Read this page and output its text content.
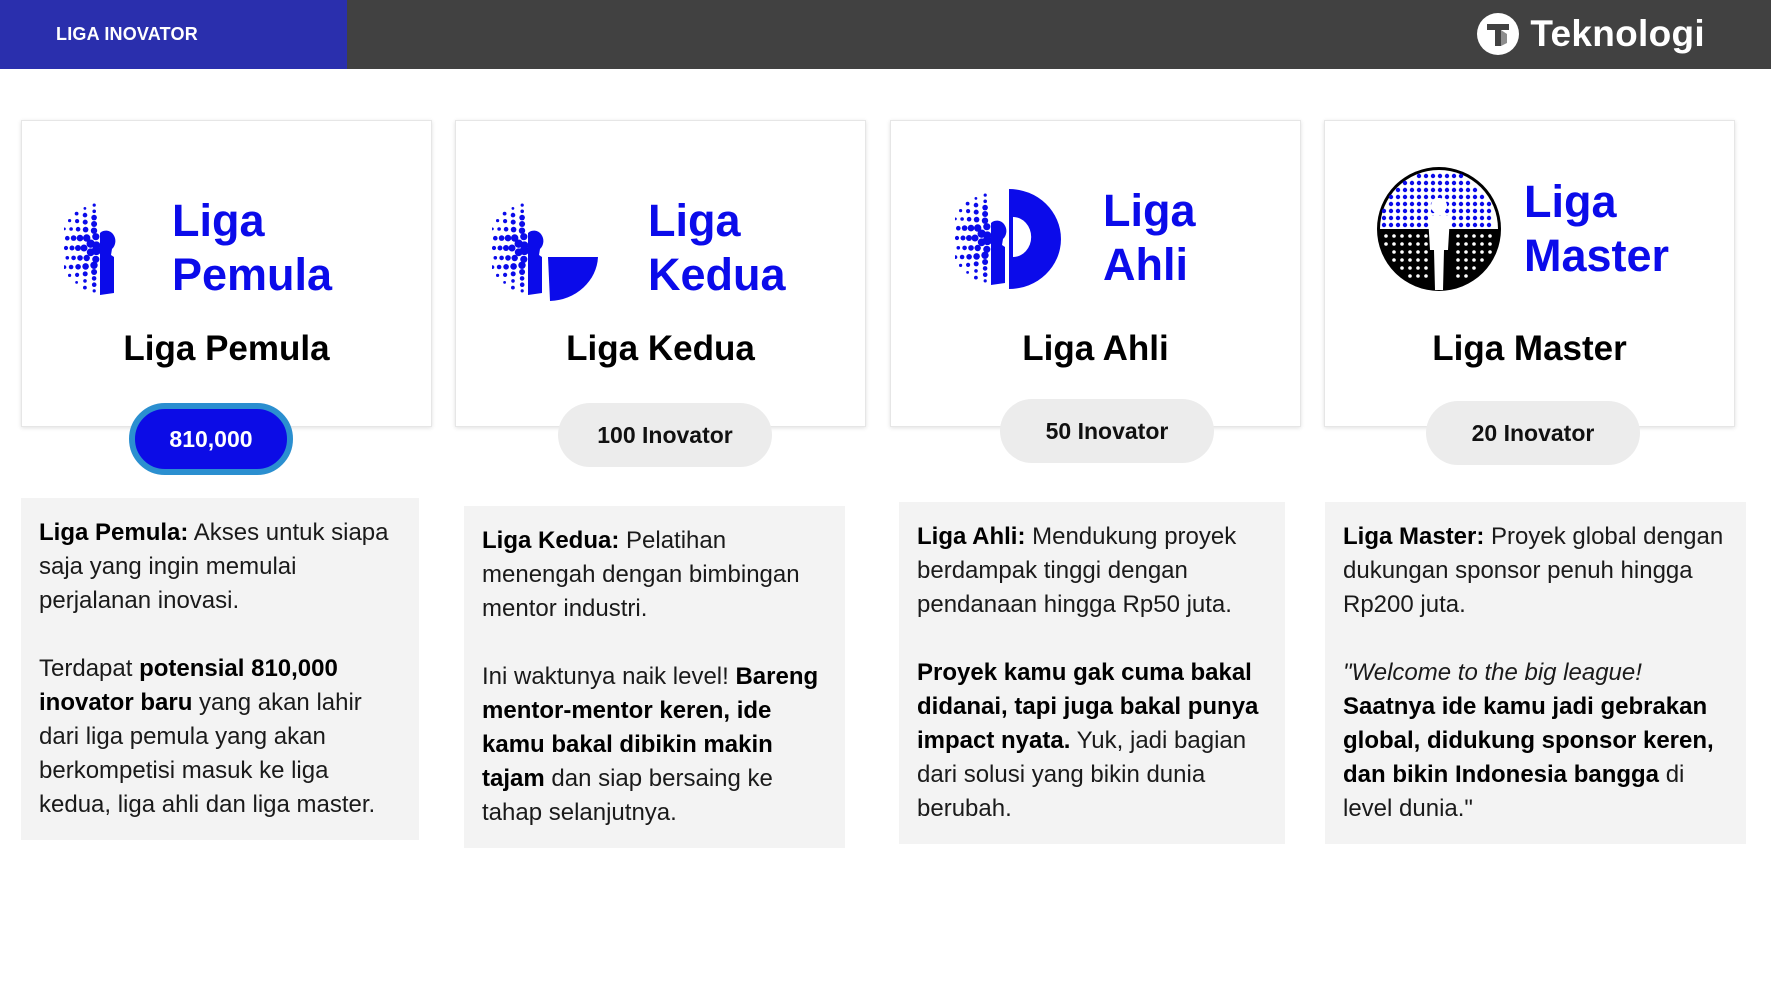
LIGA INOVATOR	Teknologi
Liga
Pemula
Liga Pemula
810,000

Liga Pemula: Akses untuk siapa saja yang ingin memulai perjalanan inovasi.

Terdapat potensial 810,000 inovator baru yang akan lahir dari liga pemula yang akan berkompetisi masuk ke liga kedua, liga ahli dan liga master.

Liga
Kedua
Liga Kedua
100 Inovator

Liga Kedua: Pelatihan menengah dengan bimbingan mentor industri.

Ini waktunya naik level! Bareng mentor-mentor keren, ide kamu bakal dibikin makin tajam dan siap bersaing ke tahap selanjutnya.

Liga
Ahli
Liga Ahli
50 Inovator

Liga Ahli: Mendukung proyek berdampak tinggi dengan pendanaan hingga Rp50 juta.

Proyek kamu gak cuma bakal didanai, tapi juga bakal punya impact nyata. Yuk, jadi bagian dari solusi yang bikin dunia berubah.

Liga
Master
Liga Master
20 Inovator

Liga Master: Proyek global dengan dukungan sponsor penuh hingga Rp200 juta.

"Welcome to the big league!
Saatnya ide kamu jadi gebrakan global, didukung sponsor keren, dan bikin Indonesia bangga di level dunia."
